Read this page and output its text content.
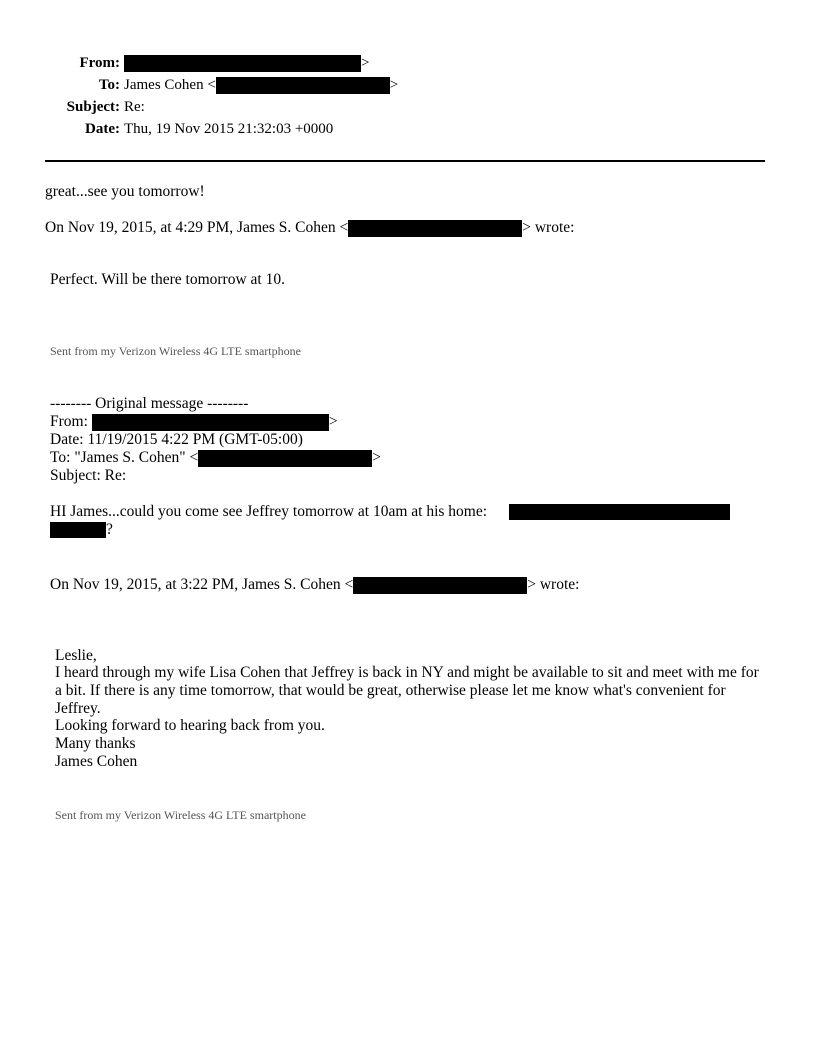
From:	>
To: James Cohen <	>
Subject: Re:
Date: Thu, 19 Nov 2015 21:32:03 +0000
great...see you tomorrow!
On Nov 19, 2015, at 4:29 PM, James S. Cohen <	> wrote:
Perfect. Will be there tomorrow at 10.
Sent from my Verizon Wireless 4G LTE smartphone
-------- Original message --------
From:	>
Date: 11/19/2015 4:22 PM (GMT-05:00)
To: "James S. Cohen" <	>
Subject: Re:
HI James...could you come see Jeffrey tomorrow at 10am at his home:
?
On Nov 19, 2015, at 3:22 PM, James S. Cohen <	> wrote:
Leslie,
I heard through my wife Lisa Cohen that Jeffrey is back in NY and might be available to sit and meet with me for a bit. If there is any time tomorrow, that would be great, otherwise please let me know what's convenient for Jeffrey.
Looking forward to hearing back from you.
Many thanks
James Cohen
Sent from my Verizon Wireless 4G LTE smartphone
